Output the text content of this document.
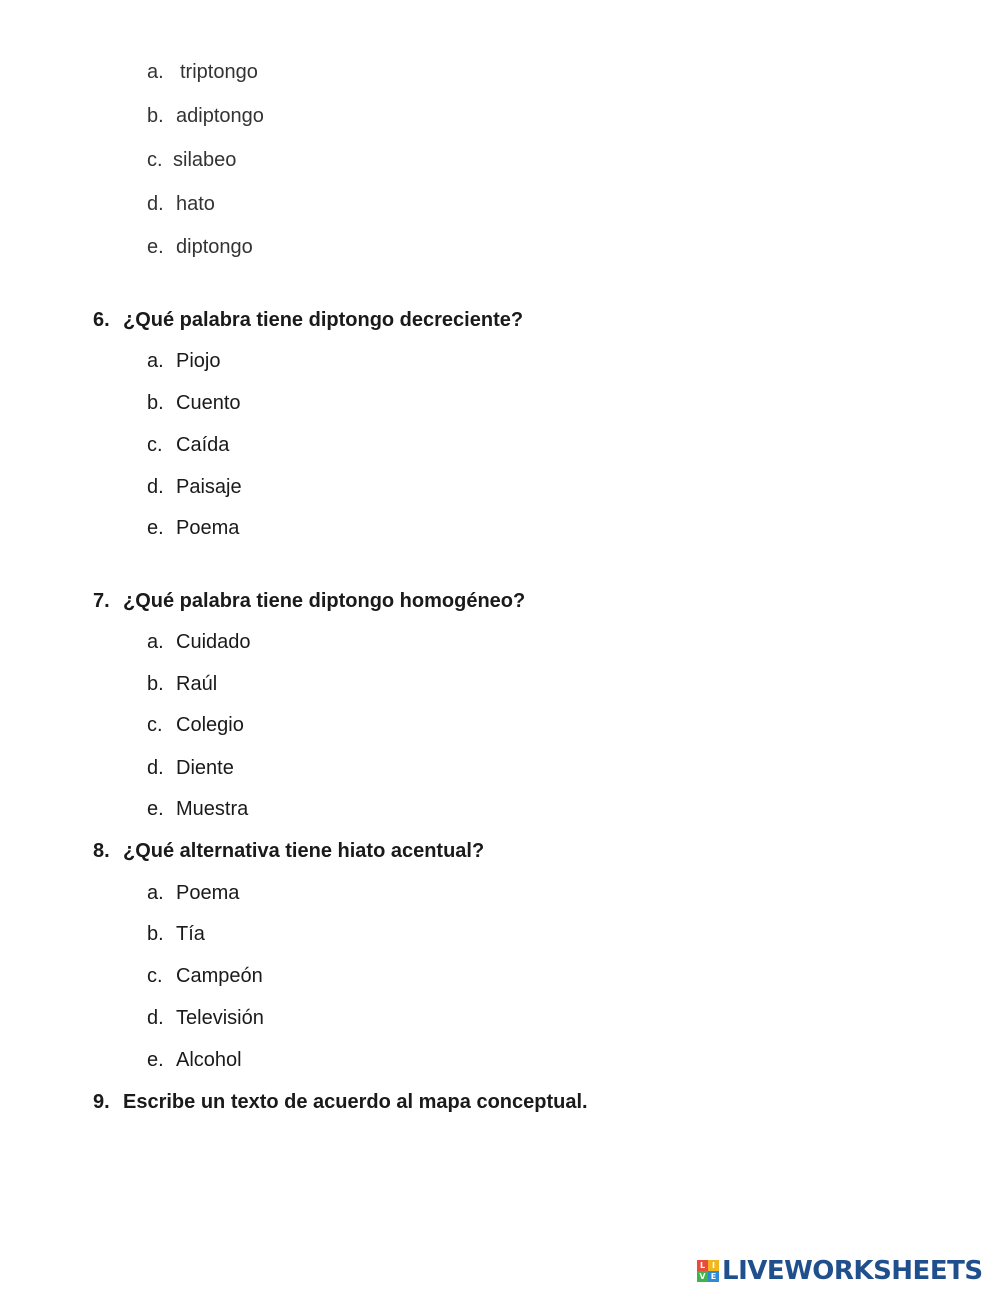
a. triptongo
b. adiptongo
c. silabeo
d. hato
e. diptongo
6. ¿Qué palabra tiene diptongo decreciente?
a. Piojo
b. Cuento
c. Caída
d. Paisaje
e. Poema
7. ¿Qué palabra tiene diptongo homogéneo?
a. Cuidado
b. Raúl
c. Colegio
d. Diente
e. Muestra
8. ¿Qué alternativa tiene hiato acentual?
a. Poema
b. Tía
c. Campeón
d. Televisión
e. Alcohol
9. Escribe un texto de acuerdo al mapa conceptual.
L I
V E LIVEWORKSHEETS
